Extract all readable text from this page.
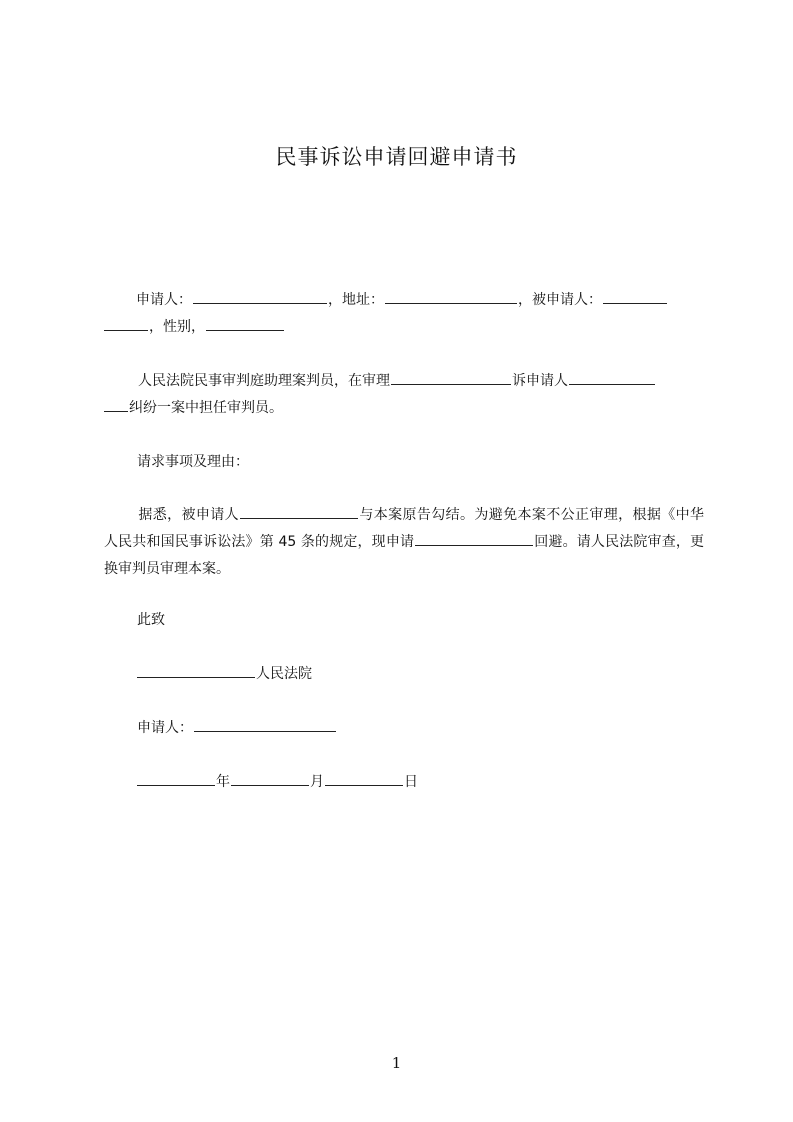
民事诉讼申请回避申请书
申请人：	，地址：	，被申请人：
，性别，
人民法院民事审判庭助理案判员，在审理	诉申请人
纠纷一案中担任审判员。
请求事项及理由：
据悉，被申请人	与本案原告勾结。为避免本案不公正审理，根据《中华人民共和国民事诉讼法》第 45 条的规定，现申请	回避。请人民法院审查，更换审判员审理本案。
此致
人民法院
申请人：
年	月	日
1
